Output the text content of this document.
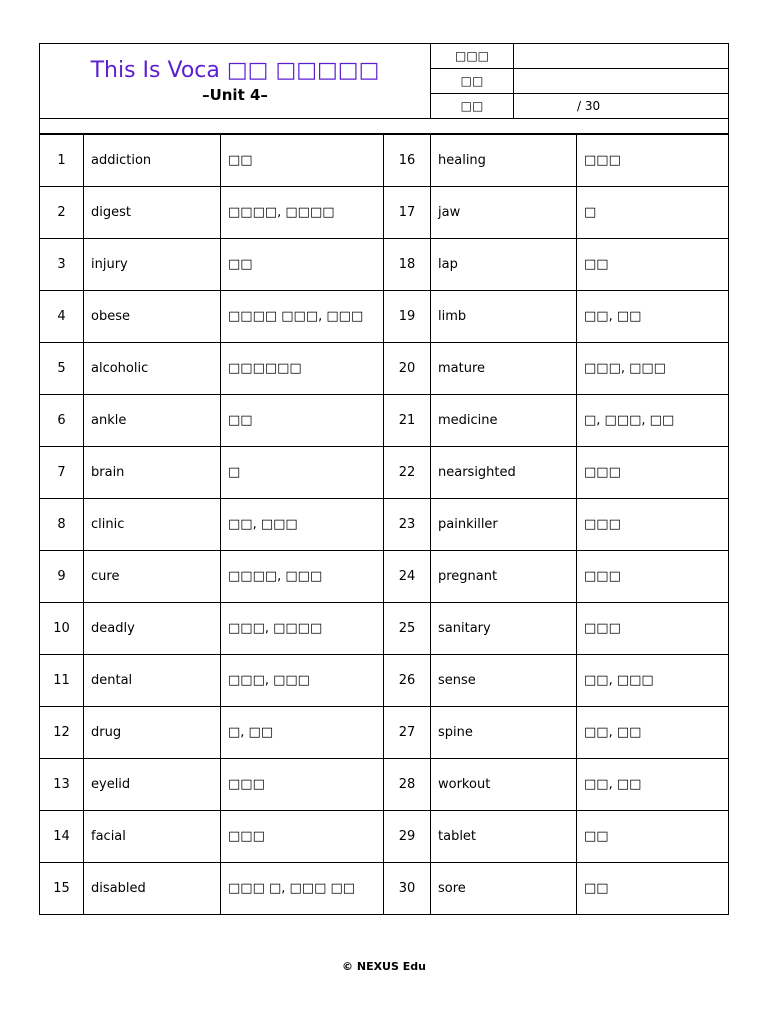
This Is Voca □□ □□□□□
–Unit 4–	□□□	
	□□	
	□□	/ 30

1	addiction	□□	16	healing	□□□
2	digest	□□□□, □□□□	17	jaw	□
3	injury	□□	18	lap	□□
4	obese	□□□□ □□□, □□□	19	limb	□□, □□
5	alcoholic	□□□□□□	20	mature	□□□, □□□
6	ankle	□□	21	medicine	□, □□□, □□
7	brain	□	22	nearsighted	□□□
8	clinic	□□, □□□	23	painkiller	□□□
9	cure	□□□□, □□□	24	pregnant	□□□
10	deadly	□□□, □□□□	25	sanitary	□□□
11	dental	□□□, □□□	26	sense	□□, □□□
12	drug	□, □□	27	spine	□□, □□
13	eyelid	□□□	28	workout	□□, □□
14	facial	□□□	29	tablet	□□
15	disabled	□□□ □, □□□ □□	30	sore	□□
© NEXUS Edu
